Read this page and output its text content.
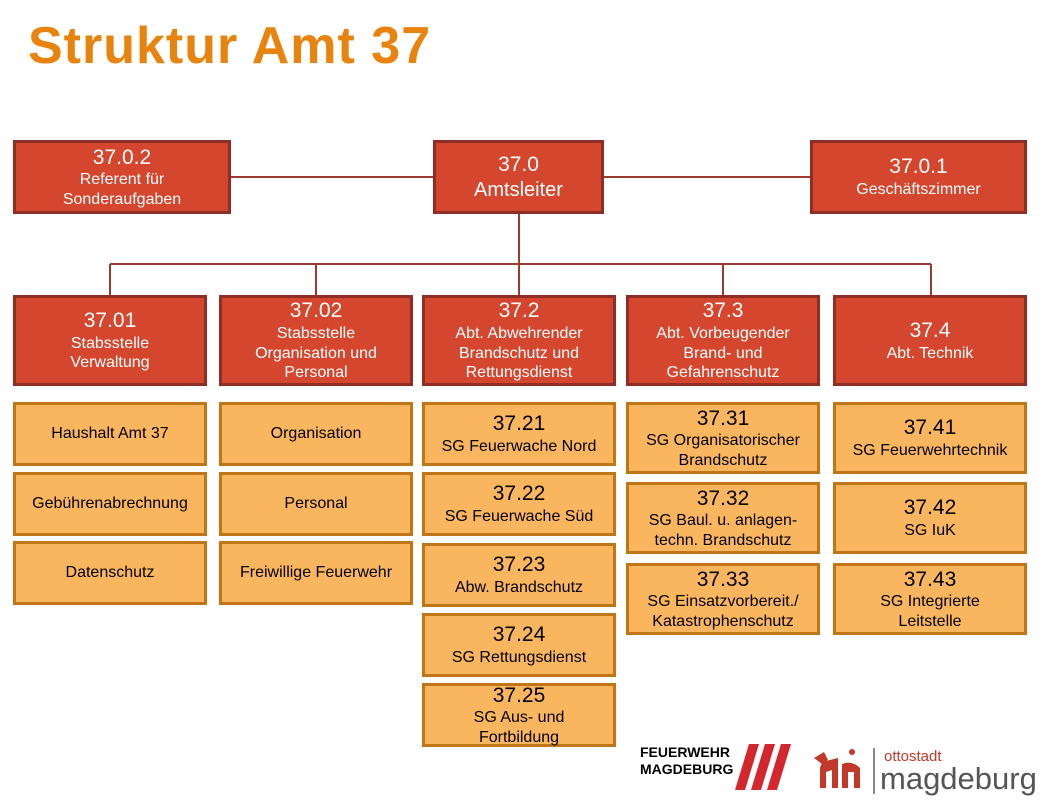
Struktur Amt 37
37.0.2
Referent für Sonderaufgaben
37.0
Amtsleiter
37.0.1
Geschäftszimmer
37.01
Stabsstelle Verwaltung
37.02
Stabsstelle Organisation und Personal
37.2
Abt. Abwehrender Brandschutz und Rettungsdienst
37.3
Abt. Vorbeugender Brand- und Gefahrenschutz
37.4
Abt. Technik
Haushalt Amt 37
Gebührenabrechnung
Datenschutz
Organisation
Personal
Freiwillige Feuerwehr
37.21
SG Feuerwache Nord
37.22
SG Feuerwache Süd
37.23
Abw. Brandschutz
37.24
SG Rettungsdienst
37.25
SG Aus- und Fortbildung
37.31
SG Organisatorischer Brandschutz
37.32
SG Baul. u. anlagen-techn. Brandschutz
37.33
SG Einsatzvorbereit./ Katastrophenschutz
37.41
SG Feuerwehrtechnik
37.42
SG IuK
37.43
SG Integrierte Leitstelle
FEUERWEHR
MAGDEBURG
ottostadt
magdeburg
